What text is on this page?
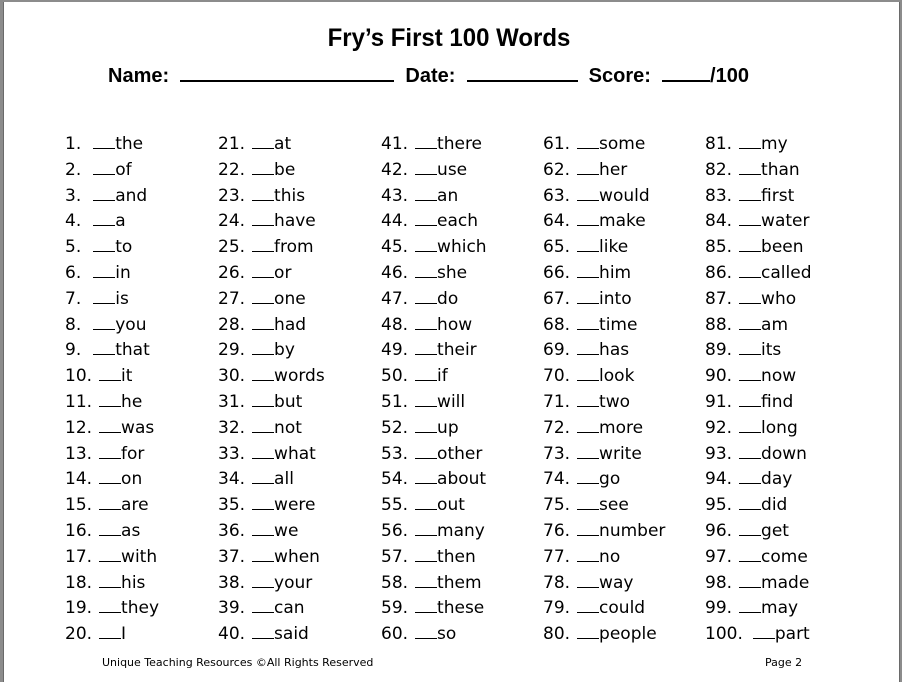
Fry’s First 100 Words
Name:	Date:	Score:	/100
1. the
2. of
3. and
4. a
5. to
6. in
7. is
8. you
9. that
10. it
11. he
12. was
13. for
14. on
15. are
16. as
17. with
18. his
19. they
20. I
21. at
22. be
23. this
24. have
25. from
26. or
27. one
28. had
29. by
30. words
31. but
32. not
33. what
34. all
35. were
36. we
37. when
38. your
39. can
40. said
41. there
42. use
43. an
44. each
45. which
46. she
47. do
48. how
49. their
50. if
51. will
52. up
53. other
54. about
55. out
56. many
57. then
58. them
59. these
60. so
61. some
62. her
63. would
64. make
65. like
66. him
67. into
68. time
69. has
70. look
71. two
72. more
73. write
74. go
75. see
76. number
77. no
78. way
79. could
80. people
81. my
82. than
83. first
84. water
85. been
86. called
87. who
88. am
89. its
90. now
91. find
92. long
93. down
94. day
95. did
96. get
97. come
98. made
99. may
100. part
Unique Teaching Resources ©All Rights Reserved	Page 2
